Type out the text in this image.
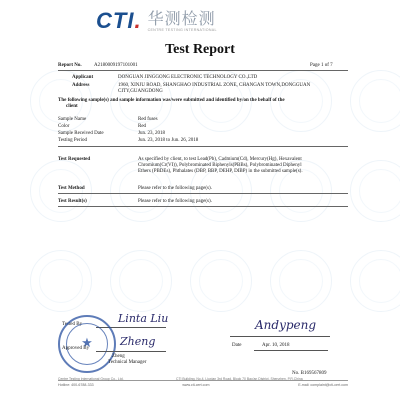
CTI. 华测检测
CENTRE TESTING INTERNATIONAL
Test Report
Report No. A2180009197101001	Page 1 of 7
Applicant	DONGUAN JINGGONG ELECTRONIC TECHNOLOGY CO.,LTD
Address	1960, XINJU ROAD, SHANGHAO INDUSTRIAL ZONE, CHANGAN TOWN,DONGGUAN
CITY,GUANGDONG
The following sample(s) and sample information was/were submitted and identified by/on the behalf of the
client
Sample Name	Red fuses
Color	Red
Sample Received Date	Jun. 23, 2018
Testing Period	Jun. 23, 2018 to Jun. 26, 2018
Test Requested	As specified by client, to test Lead(Pb), Cadmium(Cd), Mercury(Hg), Hexavalent
Chromium(Cr(VI)), Polybrominated Biphenyls(PBBs), Polybrominated Diphenyl
Ethers (PBDEs), Phthalates (DBP, BBP, DEHP, DIBP) in the submitted sample(s).
Test Method	Please refer to the following page(s).
Test Result(s)	Please refer to the following page(s).
Tested By	Linta Liu
★
Approved By
Zheng
Zheng
Technical Manager
Andypeng
Date	Apr. 10, 2018
No. B169567809
Centre Testing International Group Co., Ltd.	CTI Building, No.4, Liuxian 3rd Road, Block 70 Bao'an District, Shenzhen, P.R.China
Hotline: 400-6788-333	www.cti-cert.com	E-mail: complaint@cti-cert.com
